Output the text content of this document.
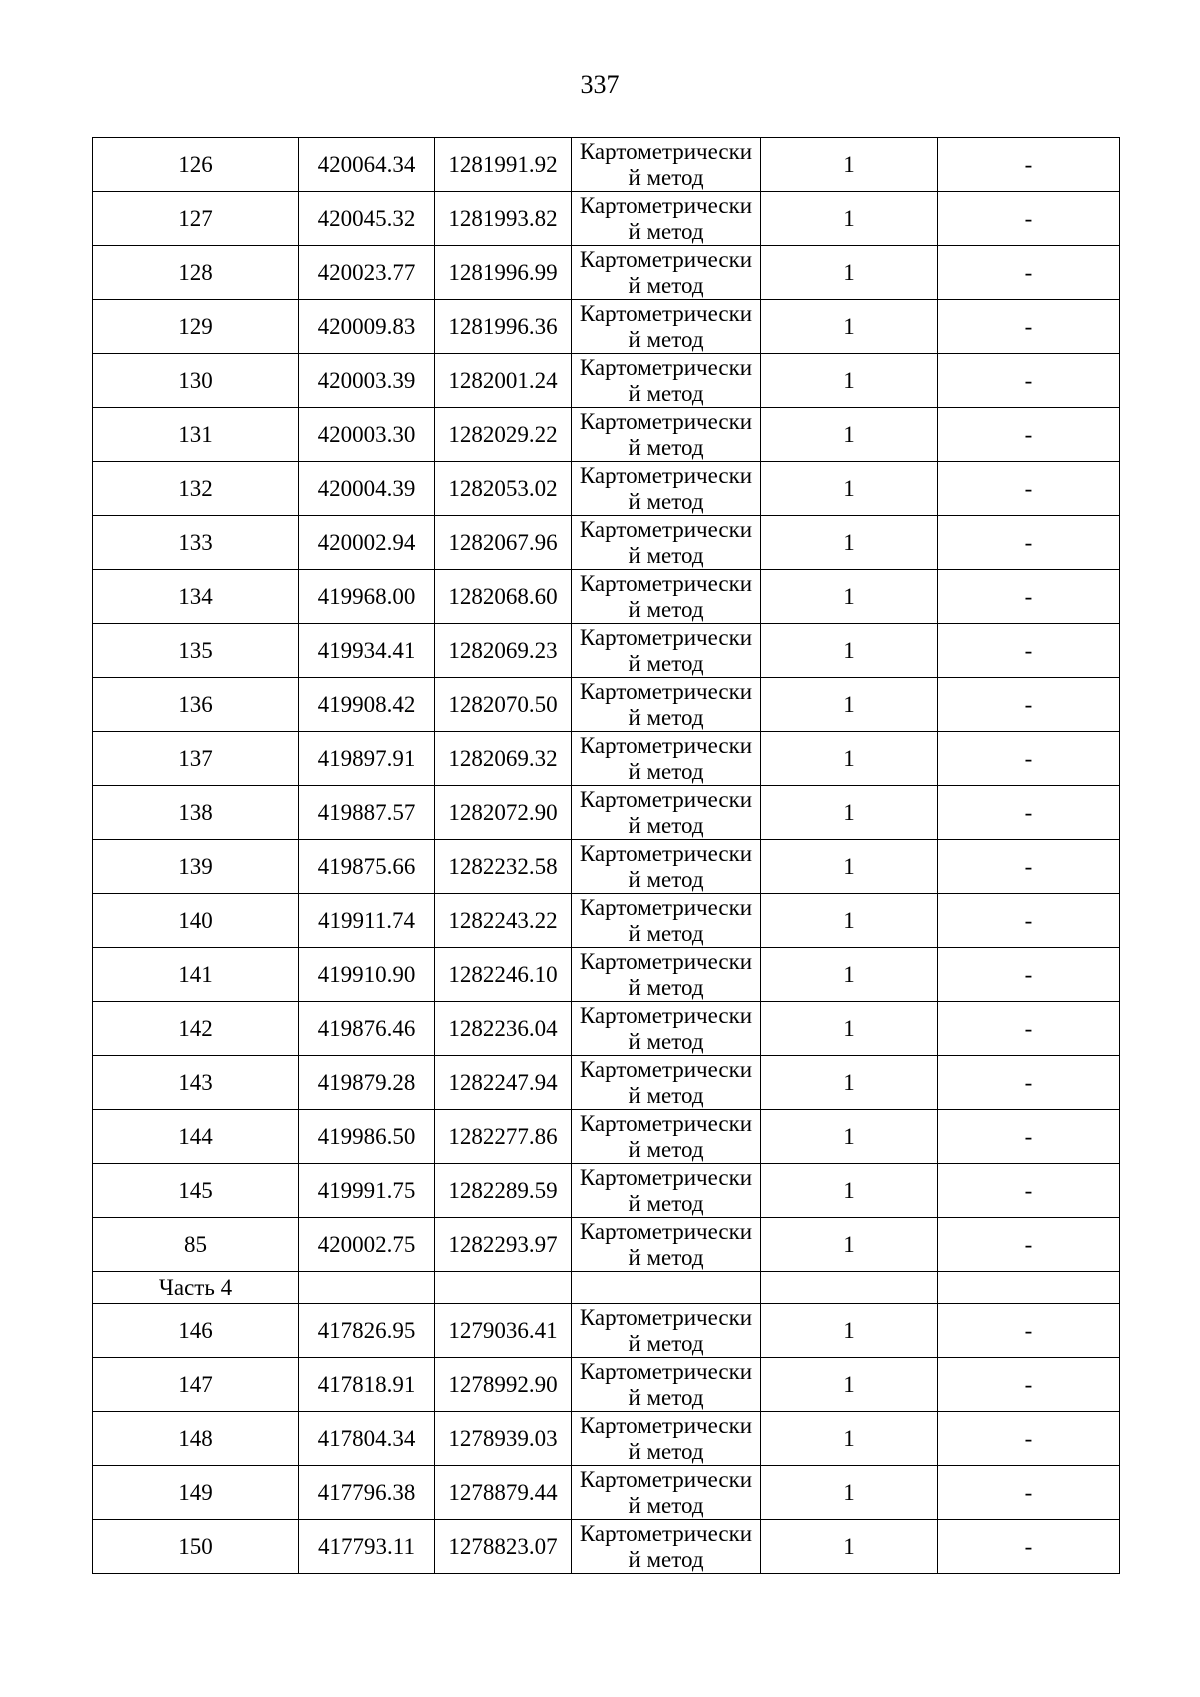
337
126	420064.34	1281991.92	Картометрический метод	1	-
127	420045.32	1281993.82	Картометрический метод	1	-
128	420023.77	1281996.99	Картометрический метод	1	-
129	420009.83	1281996.36	Картометрический метод	1	-
130	420003.39	1282001.24	Картометрический метод	1	-
131	420003.30	1282029.22	Картометрический метод	1	-
132	420004.39	1282053.02	Картометрический метод	1	-
133	420002.94	1282067.96	Картометрический метод	1	-
134	419968.00	1282068.60	Картометрический метод	1	-
135	419934.41	1282069.23	Картометрический метод	1	-
136	419908.42	1282070.50	Картометрический метод	1	-
137	419897.91	1282069.32	Картометрический метод	1	-
138	419887.57	1282072.90	Картометрический метод	1	-
139	419875.66	1282232.58	Картометрический метод	1	-
140	419911.74	1282243.22	Картометрический метод	1	-
141	419910.90	1282246.10	Картометрический метод	1	-
142	419876.46	1282236.04	Картометрический метод	1	-
143	419879.28	1282247.94	Картометрический метод	1	-
144	419986.50	1282277.86	Картометрический метод	1	-
145	419991.75	1282289.59	Картометрический метод	1	-
85	420002.75	1282293.97	Картометрический метод	1	-
Часть 4					
146	417826.95	1279036.41	Картометрический метод	1	-
147	417818.91	1278992.90	Картометрический метод	1	-
148	417804.34	1278939.03	Картометрический метод	1	-
149	417796.38	1278879.44	Картометрический метод	1	-
150	417793.11	1278823.07	Картометрический метод	1	-
